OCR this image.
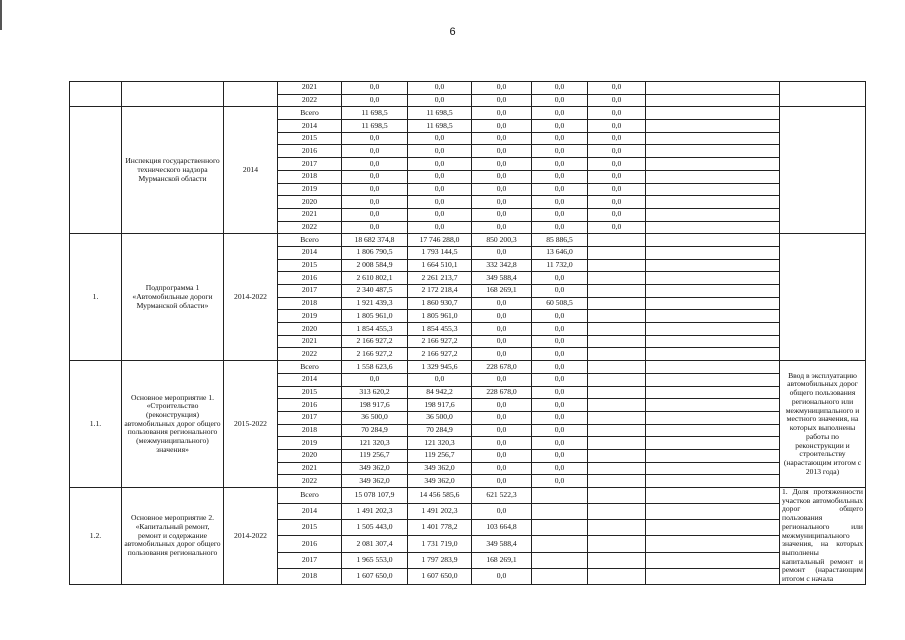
6
			2021	0,0	0,0	0,0	0,0	0,0			
			2022	0,0	0,0	0,0	0,0	0,0			
	Инспекция государственного технического надзора Мурманской области	2014	Всего	11 698,5	11 698,5	0,0	0,0	0,0			
			2014	11 698,5	11 698,5	0,0	0,0	0,0			
			2015	0,0	0,0	0,0	0,0	0,0			
			2016	0,0	0,0	0,0	0,0	0,0			
			2017	0,0	0,0	0,0	0,0	0,0			
			2018	0,0	0,0	0,0	0,0	0,0			
			2019	0,0	0,0	0,0	0,0	0,0			
			2020	0,0	0,0	0,0	0,0	0,0			
			2021	0,0	0,0	0,0	0,0	0,0			
			2022	0,0	0,0	0,0	0,0	0,0			
1.	Подпрограмма 1 «Автомобильные дороги Мурманской области»	2014-2022	Всего	18 682 374,8	17 746 288,0	850 200,3	85 886,5				
			2014	1 806 790,5	1 793 144,5	0,0	13 646,0				
			2015	2 008 584,9	1 664 510,1	332 342,8	11 732,0				
			2016	2 610 802,1	2 261 213,7	349 588,4	0,0				
			2017	2 340 487,5	2 172 218,4	168 269,1	0,0				
			2018	1 921 439,3	1 860 930,7	0,0	60 508,5				
			2019	1 805 961,0	1 805 961,0	0,0	0,0				
			2020	1 854 455,3	1 854 455,3	0,0	0,0				
			2021	2 166 927,2	2 166 927,2	0,0	0,0				
			2022	2 166 927,2	2 166 927,2	0,0	0,0				
1.1.	Основное мероприятие 1. «Строительство (реконструкция) автомобильных дорог общего пользования регионального (межмуниципального) значения»	2015-2022	Всего	1 558 623,6	1 329 945,6	228 678,0	0,0			Ввод в эксплуатацию автомобильных дорог общего пользования регионального или межмуниципального и местного значения, на которых выполнены работы по реконструкции и строительству (нарастающим итогом с 2013 года)	
			2014	0,0	0,0	0,0	0,0				
			2015	313 620,2	84 942,2	228 678,0	0,0				
			2016	198 917,6	198 917,6	0,0	0,0				
			2017	36 500,0	36 500,0	0,0	0,0				
			2018	70 284,9	70 284,9	0,0	0,0				
			2019	121 320,3	121 320,3	0,0	0,0				
			2020	119 256,7	119 256,7	0,0	0,0				
			2021	349 362,0	349 362,0	0,0	0,0				
			2022	349 362,0	349 362,0	0,0	0,0				
1.2.	Основное мероприятие 2. «Капитальный ремонт, ремонт и содержание автомобильных дорог общего пользования регионального	2014-2022	Всего	15 078 107,9	14 456 585,6	621 522,3				1. Доля протяженности участков автомобильных дорог общего пользования регионального или межмуниципального значения, на которых выполнены капитальный ремонт и ремонт (нарастающим итогом с начала	
			2014	1 491 202,3	1 491 202,3	0,0					
			2015	1 505 443,0	1 401 778,2	103 664,8					
			2016	2 081 307,4	1 731 719,0	349 588,4					
			2017	1 965 553,0	1 797 283,9	168 269,1					
			2018	1 607 650,0	1 607 650,0	0,0					
